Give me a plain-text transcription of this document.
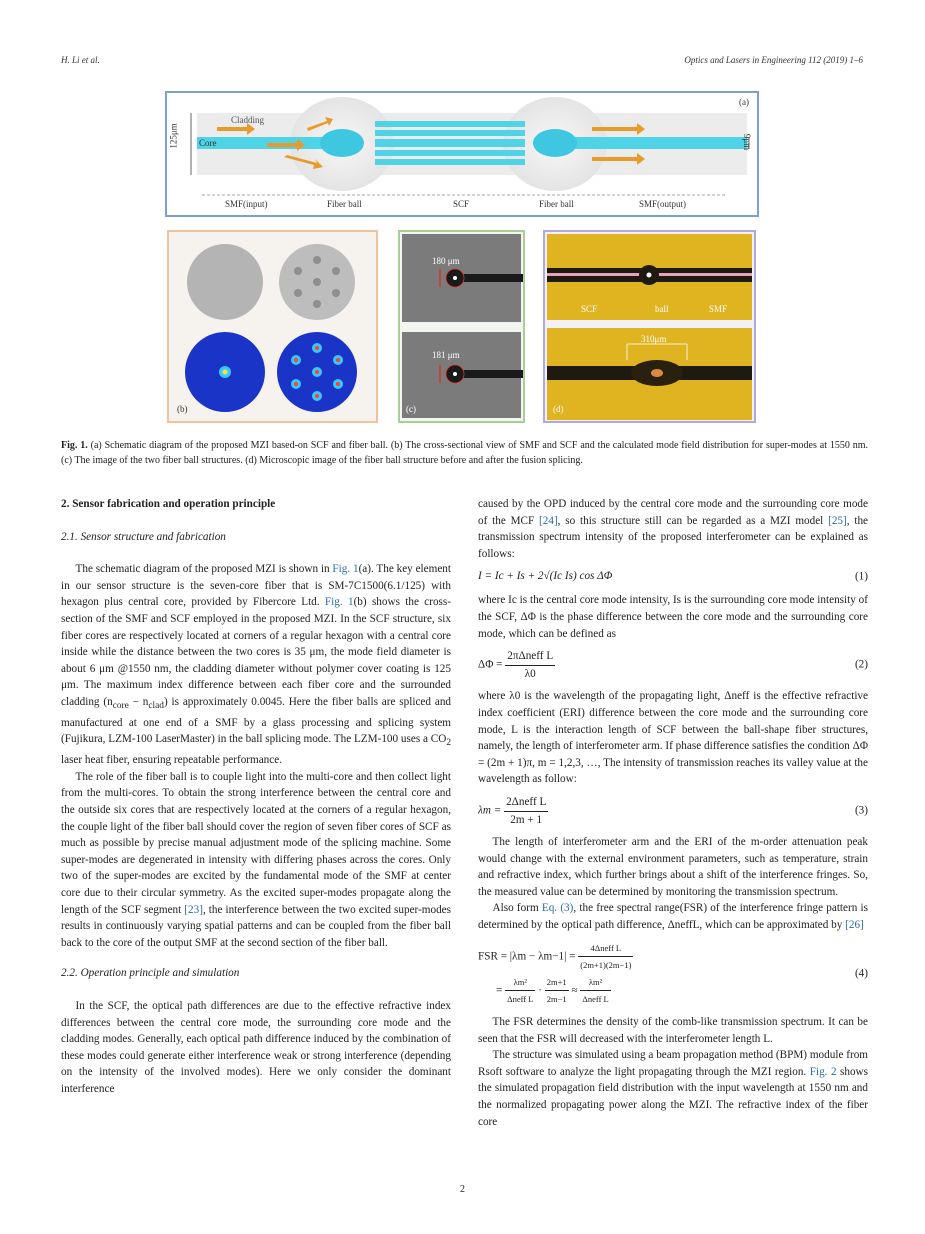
H. Li et al.	Optics and Lasers in Engineering 112 (2019) 1–6
(a)
Cladding
Core
125μm	9μm
SMF(input)	Fiber ball	SCF	Fiber ball	SMF(output)
(b)
180 μm
181 μm
(c)
SCF	ball	SMF
310μm
(d)
Fig. 1. (a) Schematic diagram of the proposed MZI based-on SCF and fiber ball. (b) The cross-sectional view of SMF and SCF and the calculated mode field distribution for super-modes at 1550 nm. (c) The image of the two fiber ball structures. (d) Microscopic image of the fiber ball structure before and after the fusion splicing.
2. Sensor fabrication and operation principle
2.1. Sensor structure and fabrication

The schematic diagram of the proposed MZI is shown in Fig. 1(a). The key element in our sensor structure is the seven-core fiber that is SM-7C1500(6.1/125) with hexagon plus central core, provided by Fibercore Ltd. Fig. 1(b) shows the cross-section of the SMF and SCF employed in the proposed MZI. In the SCF structure, six fiber cores are respectively located at corners of a regular hexagon with a central core inside while the distance between the two cores is 35 μm, the mode field diameter is about 6 μm @1550 nm, the cladding diameter without polymer cover coating is 125 μm. The maximum index difference between each fiber core and the surrounded cladding $(n_{core} - n_{clad})$ is approximately 0.0045. Here the fiber balls are spliced and manufactured at one end of a SMF by a glass processing and splicing system (Fujikura, LZM-100 LaserMaster) in the ball splicing mode. The LZM-100 uses a $CO_2$ laser heat fiber, ensuring repeatable performance.

The role of the fiber ball is to couple light into the multi-core and then collect light from the multi-cores. To obtain the strong interference between the central core and the outside six cores that are respectively located at the corners of a regular hexagon, the couple light of the fiber ball should cover the region of seven fiber cores of SCF as much as possible by precise manual adjustment mode of the splicing machine. Some super-modes are degenerated in intensity with differing phases across the cores. Only two of the super-modes are excited by the fundamental mode of the SMF at center core due to their circular symmetry. As the excited super-modes propagate along the length of the SCF segment [23], the interference between the two excited super-modes results in continuously varying spatial patterns and can be coupled from the fiber ball back to the core of the output SMF at the second section of the fiber ball.

2.2. Operation principle and simulation

In the SCF, the optical path differences are due to the effective refractive index differences between the central core mode, the surrounding core mode and the cladding modes. Generally, each optical path difference induced by the combination of these modes could generate either interference weak or strong interference (depending on the intensity of the involved modes). Here we only consider the dominant interference

caused by the OPD induced by the central core mode and the surrounding core mode of the MCF [24], so this structure still can be regarded as a MZI model [25], the transmission spectrum intensity of the proposed interferometer can be explained as follows:

I = Ic + Is + 2√(Ic Is) cos ΔΦ	(1)

where Ic is the central core mode intensity, Is is the surrounding core mode intensity of the SCF, ΔΦ is the phase difference between the core mode and the surrounding core mode, which can be defined as

$\Delta\Phi = \frac{\text{2πΔneff L}}{\lambda 0}$	(2)

where λ0 is the wavelength of the propagating light, Δneff is the effective refractive index coefficient (ERI) difference between the core mode and the surrounding core mode, L is the interaction length of SCF between the ball-shape fiber structures, namely, the length of interferometer arm. If phase difference satisfies the condition ΔΦ = (2m + 1)π, m = 1,2,3, …, The intensity of transmission reaches its valley value at the wavelength as follow:

$\lambda m = \frac{\text{2Δneff L}}{2m + 1}$	(3)

The length of interferometer arm and the ERI of the m-order attenuation peak would change with the external environment parameters, such as temperature, strain and refractive index, which further brings about a shift of the interference fringes. So, the measured value can be determined by monitoring the transmission spectrum.

Also form Eq. (3), the free spectral range(FSR) of the interference fringe pattern is determined by the optical path difference, ΔneffL, which can be approximated by [26]

FSR = $|\lambda m - \lambda m-1| = \frac{\text{4Δneff L}}{(2m+1)(2m-1)}$
= $\frac{\text{λm²}}{\text{Δneff L}} \cdot \frac{2m+1}{2m-1} \approx \frac{\text{λm²}}{\text{Δneff L}}$
(4)

The FSR determines the density of the comb-like transmission spectrum. It can be seen that the FSR will decreased with the interferometer length L.

The structure was simulated using a beam propagation method (BPM) module from Rsoft software to analyze the light propagating through the MZI region. Fig. 2 shows the simulated propagation field distribution with the input wavelength at 1550 nm and the normalized propagating power along the MZI. The refractive index of the fiber core

2
